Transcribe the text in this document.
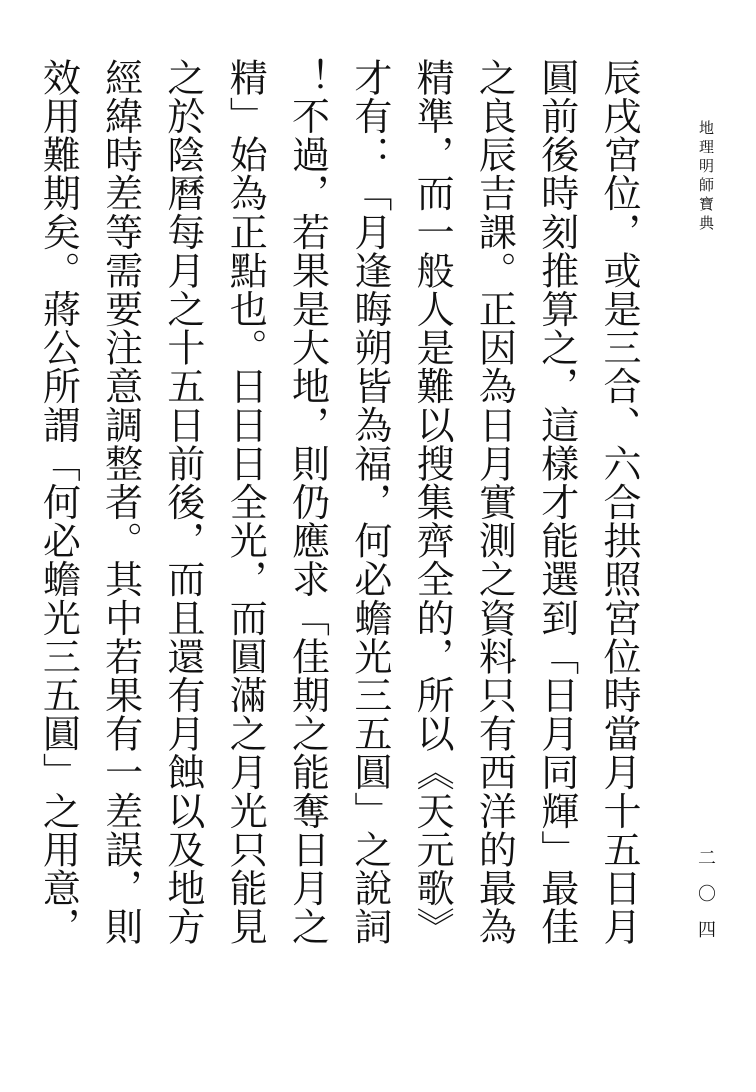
地理明師寶典
辰戌宮位，或是三合、六合拱照宮位時當月十五日月
圓前後時刻推算之，這樣才能選到「日月同輝」最佳
之良辰吉課。正因為日月實測之資料只有西洋的最為
精準，而一般人是難以搜集齊全的，所以《天元歌》
才有：「月逢晦朔皆為福，何必蟾光三五圓」之說詞
！不過，若果是大地，則仍應求「佳期之能奪日月之
精」始為正點也。日日日全光，而圓滿之月光只能見
之於陰曆每月之十五日前後，而且還有月蝕以及地方
經緯時差等需要注意調整者。其中若果有一差誤，則
效用難期矣。蔣公所謂「何必蟾光三五圓」之用意，	二〇四
